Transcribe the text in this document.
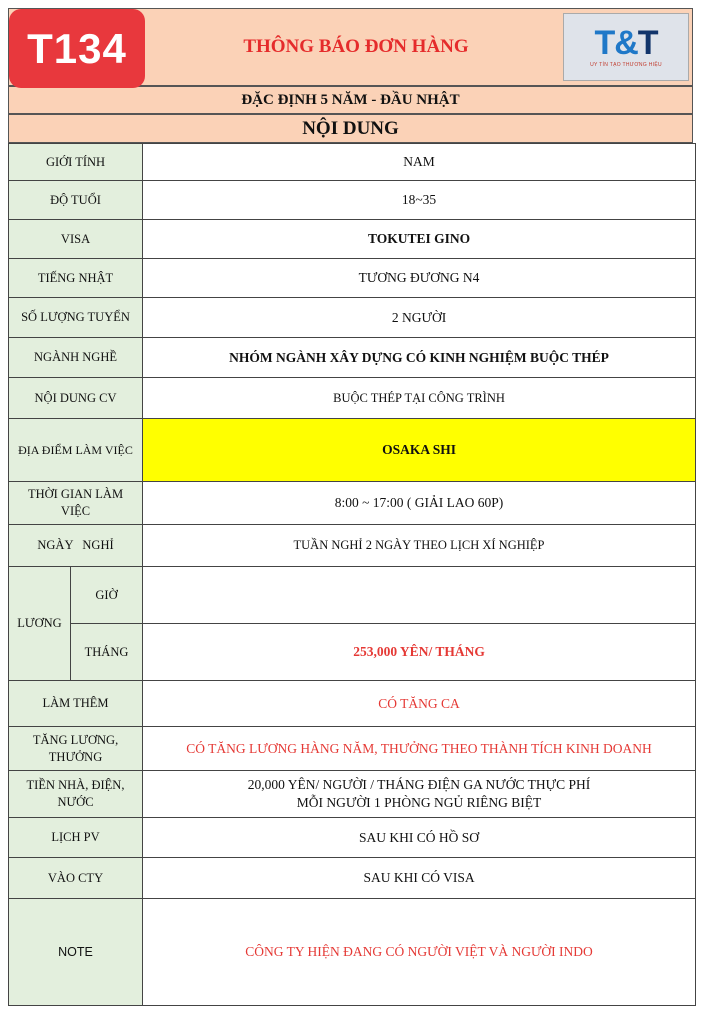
T134	THÔNG BÁO ĐƠN HÀNG	T&T
UY TÍN TẠO THƯƠNG HIỆU
ĐẶC ĐỊNH 5 NĂM - ĐẦU NHẬT
NỘI DUNG
GIỚI TÍNH		NAM
ĐỘ TUỔI		18~35
VISA		TOKUTEI GINO
TIẾNG NHẬT		TƯƠNG ĐƯƠNG N4
SỐ LƯỢNG TUYỂN		2 NGƯỜI
NGÀNH NGHỀ		NHÓM NGÀNH XÂY DỰNG CÓ KINH NGHIỆM BUỘC THÉP
NỘI DUNG CV		BUỘC THÉP TẠI CÔNG TRÌNH
ĐỊA ĐIỂM LÀM VIỆC		OSAKA SHI
THỜI GIAN LÀM VIỆC		8:00 ~ 17:00 ( GIẢI LAO 60P)
NGÀY   NGHỈ		TUẦN NGHỈ 2 NGÀY THEO LỊCH XÍ NGHIỆP
LƯƠNG	GIỜ	
	THÁNG	253,000 YÊN/ THÁNG
LÀM THÊM		CÓ TĂNG CA
TĂNG LƯƠNG, THƯỞNG		CÓ TĂNG LƯƠNG HÀNG NĂM, THƯỞNG THEO THÀNH TÍCH KINH DOANH
TIỀN NHÀ, ĐIỆN, NƯỚC		20,000 YÊN/ NGƯỜI / THÁNG ĐIỆN GA NƯỚC THỰC PHÍ
MỖI NGƯỜI 1 PHÒNG NGỦ RIÊNG BIỆT

LỊCH PV		SAU KHI CÓ HỒ SƠ
VÀO CTY		SAU KHI CÓ VISA
NOTE		CÔNG TY HIỆN ĐANG CÓ NGƯỜI VIỆT VÀ NGƯỜI INDO
